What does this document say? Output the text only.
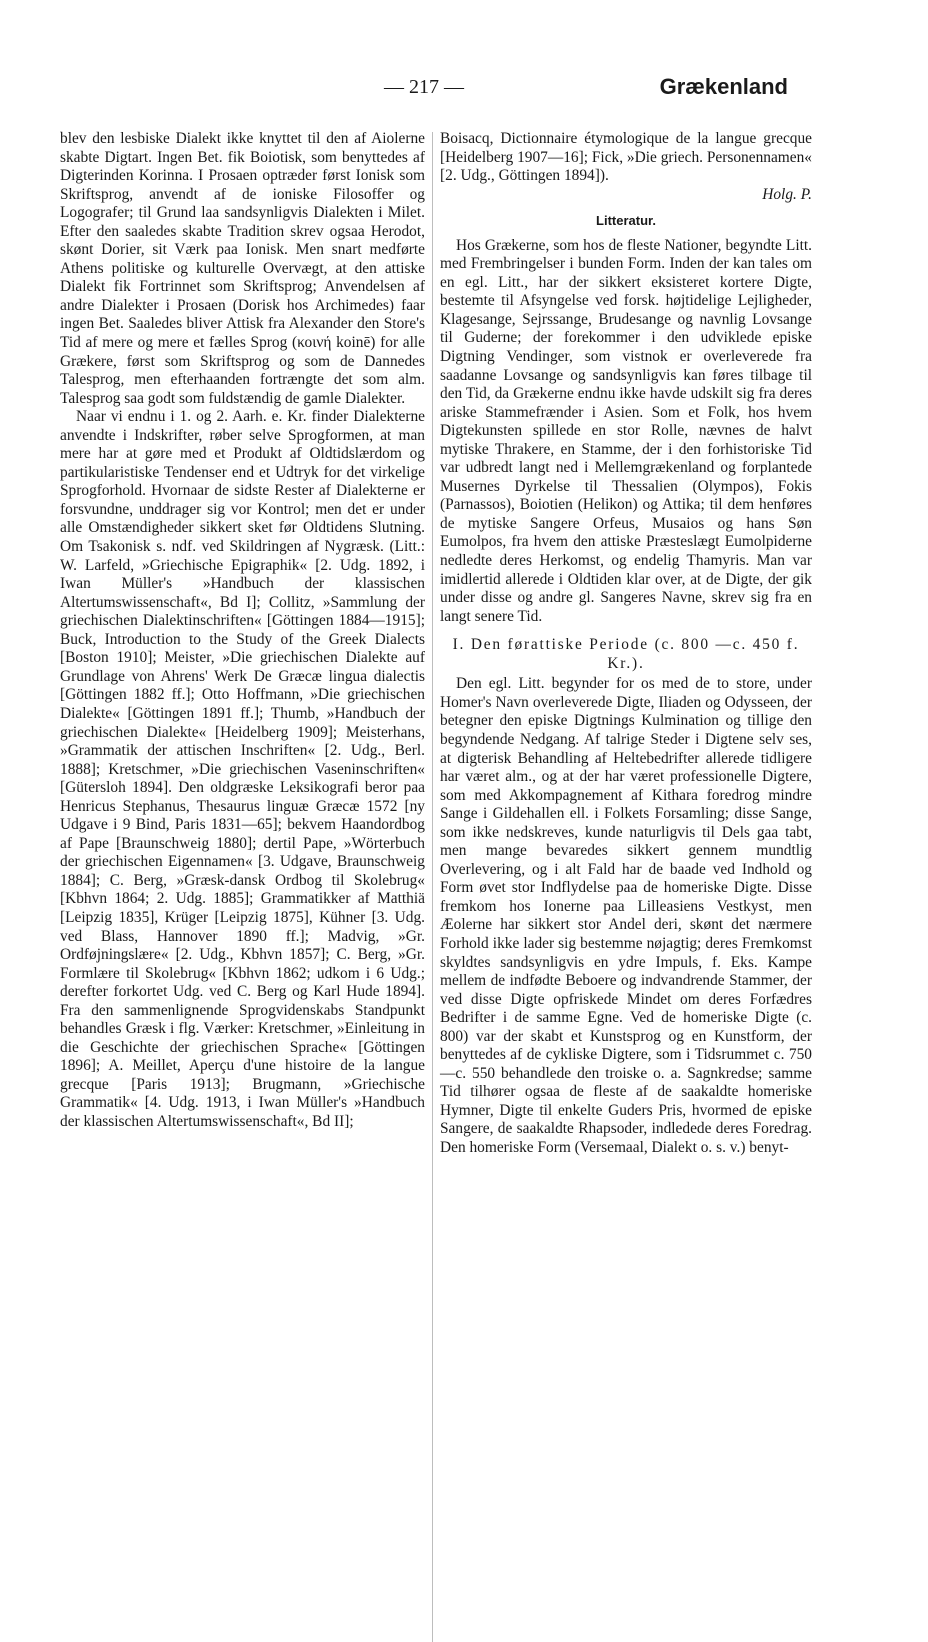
— 217 —	Grækenland

blev den lesbiske Dialekt ikke knyttet til den af Aiolerne skabte Digtart. Ingen Bet. fik Boiotisk, som benyttedes af Digterinden Korinna. I Prosaen optræder først Ionisk som Skriftsprog, anvendt af de ioniske Filosoffer og Logografer; til Grund laa sandsynligvis Dialekten i Milet. Efter den saaledes skabte Tradition skrev ogsaa Herodot, skønt Dorier, sit Værk paa Ionisk. Men snart medførte Athens politiske og kulturelle Overvægt, at den attiske Dialekt fik Fortrinnet som Skriftsprog; Anvendelsen af andre Dialekter i Prosaen (Dorisk hos Archimedes) faar ingen Bet. Saaledes bliver Attisk fra Alexander den Store's Tid af mere og mere et fælles Sprog (κοινή koinē) for alle Grækere, først som Skriftsprog og som de Dannedes Talesprog, men efterhaanden fortrængte det som alm. Talesprog saa godt som fuldstændig de gamle Dialekter.

Naar vi endnu i 1. og 2. Aarh. e. Kr. finder Dialekterne anvendte i Indskrifter, røber selve Sprogformen, at man mere har at gøre med et Produkt af Oldtidslærdom og partikularistiske Tendenser end et Udtryk for det virkelige Sprogforhold. Hvornaar de sidste Rester af Dialekterne er forsvundne, unddrager sig vor Kontrol; men det er under alle Omstændigheder sikkert sket før Oldtidens Slutning. Om Tsakonisk s. ndf. ved Skildringen af Nygræsk. (Litt.: W. Larfeld, »Griechische Epigraphik« [2. Udg. 1892, i Iwan Müller's »Handbuch der klassischen Altertumswissenschaft«, Bd I]; Collitz, »Sammlung der griechischen Dialektinschriften« [Göttingen 1884—1915]; Buck, Introduction to the Study of the Greek Dialects [Boston 1910]; Meister, »Die griechischen Dialekte auf Grundlage von Ahrens' Werk De Græcæ lingua dialectis [Göttingen 1882 ff.]; Otto Hoffmann, »Die griechischen Dialekte« [Göttingen 1891 ff.]; Thumb, »Handbuch der griechischen Dialekte« [Heidelberg 1909]; Meisterhans, »Grammatik der attischen Inschriften« [2. Udg., Berl. 1888]; Kretschmer, »Die griechischen Vaseninschriften« [Gütersloh 1894]. Den oldgræske Leksikografi beror paa Henricus Stephanus, Thesaurus linguæ Græcæ 1572 [ny Udgave i 9 Bind, Paris 1831—65]; bekvem Haandordbog af Pape [Braunschweig 1880]; dertil Pape, »Wörterbuch der griechischen Eigennamen« [3. Udgave, Braunschweig 1884]; C. Berg, »Græsk-dansk Ordbog til Skolebrug« [Kbhvn 1864; 2. Udg. 1885]; Grammatikker af Matthiä [Leipzig 1835], Krüger [Leipzig 1875], Kühner [3. Udg. ved Blass, Hannover 1890 ff.]; Madvig, »Gr. Ordføjningslære« [2. Udg., Kbhvn 1857]; C. Berg, »Gr. Formlære til Skolebrug« [Kbhvn 1862; udkom i 6 Udg.; derefter forkortet Udg. ved C. Berg og Karl Hude 1894]. Fra den sammenlignende Sprogvidenskabs Standpunkt behandles Græsk i flg. Værker: Kretschmer, »Einleitung in die Geschichte der griechischen Sprache« [Göttingen 1896]; A. Meillet, Aperçu d'une histoire de la langue grecque [Paris 1913]; Brugmann, »Griechische Grammatik« [4. Udg. 1913, i Iwan Müller's »Handbuch der klassischen Altertumswissenschaft«, Bd II];

Boisacq, Dictionnaire étymologique de la langue grecque [Heidelberg 1907—16]; Fick, »Die griech. Personennamen« [2. Udg., Göttingen 1894]).

Holg. P.

Litteratur.

Hos Grækerne, som hos de fleste Nationer, begyndte Litt. med Frembringelser i bunden Form. Inden der kan tales om en egl. Litt., har der sikkert eksisteret kortere Digte, bestemte til Afsyngelse ved forsk. højtidelige Lejligheder, Klagesange, Sejrssange, Brudesange og navnlig Lovsange til Guderne; der forekommer i den udviklede episke Digtning Vendinger, som vistnok er overleverede fra saadanne Lovsange og sandsynligvis kan føres tilbage til den Tid, da Grækerne endnu ikke havde udskilt sig fra deres ariske Stammefrænder i Asien. Som et Folk, hos hvem Digtekunsten spillede en stor Rolle, nævnes de halvt mytiske Thrakere, en Stamme, der i den forhistoriske Tid var udbredt langt ned i Mellemgrækenland og forplantede Musernes Dyrkelse til Thessalien (Olympos), Fokis (Parnassos), Boiotien (Helikon) og Attika; til dem henføres de mytiske Sangere Orfeus, Musaios og hans Søn Eumolpos, fra hvem den attiske Præsteslægt Eumolpiderne nedledte deres Herkomst, og endelig Thamyris. Man var imidlertid allerede i Oldtiden klar over, at de Digte, der gik under disse og andre gl. Sangeres Navne, skrev sig fra en langt senere Tid.

I. Den førattiske Periode (c. 800 —c. 450 f. Kr.).

Den egl. Litt. begynder for os med de to store, under Homer's Navn overleverede Digte, Iliaden og Odysseen, der betegner den episke Digtnings Kulmination og tillige den begyndende Nedgang. Af talrige Steder i Digtene selv ses, at digterisk Behandling af Heltebedrifter allerede tidligere har været alm., og at der har været professionelle Digtere, som med Akkompagnement af Kithara foredrog mindre Sange i Gildehallen ell. i Folkets Forsamling; disse Sange, som ikke nedskreves, kunde naturligvis til Dels gaa tabt, men mange bevaredes sikkert gennem mundtlig Overlevering, og i alt Fald har de baade ved Indhold og Form øvet stor Indflydelse paa de homeriske Digte. Disse fremkom hos Ionerne paa Lilleasiens Vestkyst, men Æolerne har sikkert stor Andel deri, skønt det nærmere Forhold ikke lader sig bestemme nøjagtig; deres Fremkomst skyldtes sandsynligvis en ydre Impuls, f. Eks. Kampe mellem de indfødte Beboere og indvandrende Stammer, der ved disse Digte opfriskede Mindet om deres Forfædres Bedrifter i de samme Egne. Ved de homeriske Digte (c. 800) var der skabt et Kunstsprog og en Kunstform, der benyttedes af de cykliske Digtere, som i Tidsrummet c. 750—c. 550 behandlede den troiske o. a. Sagnkredse; samme Tid tilhører ogsaa de fleste af de saakaldte homeriske Hymner, Digte til enkelte Guders Pris, hvormed de episke Sangere, de saakaldte Rhapsoder, indledede deres Foredrag. Den homeriske Form (Versemaal, Dialekt o. s. v.) benyt-
